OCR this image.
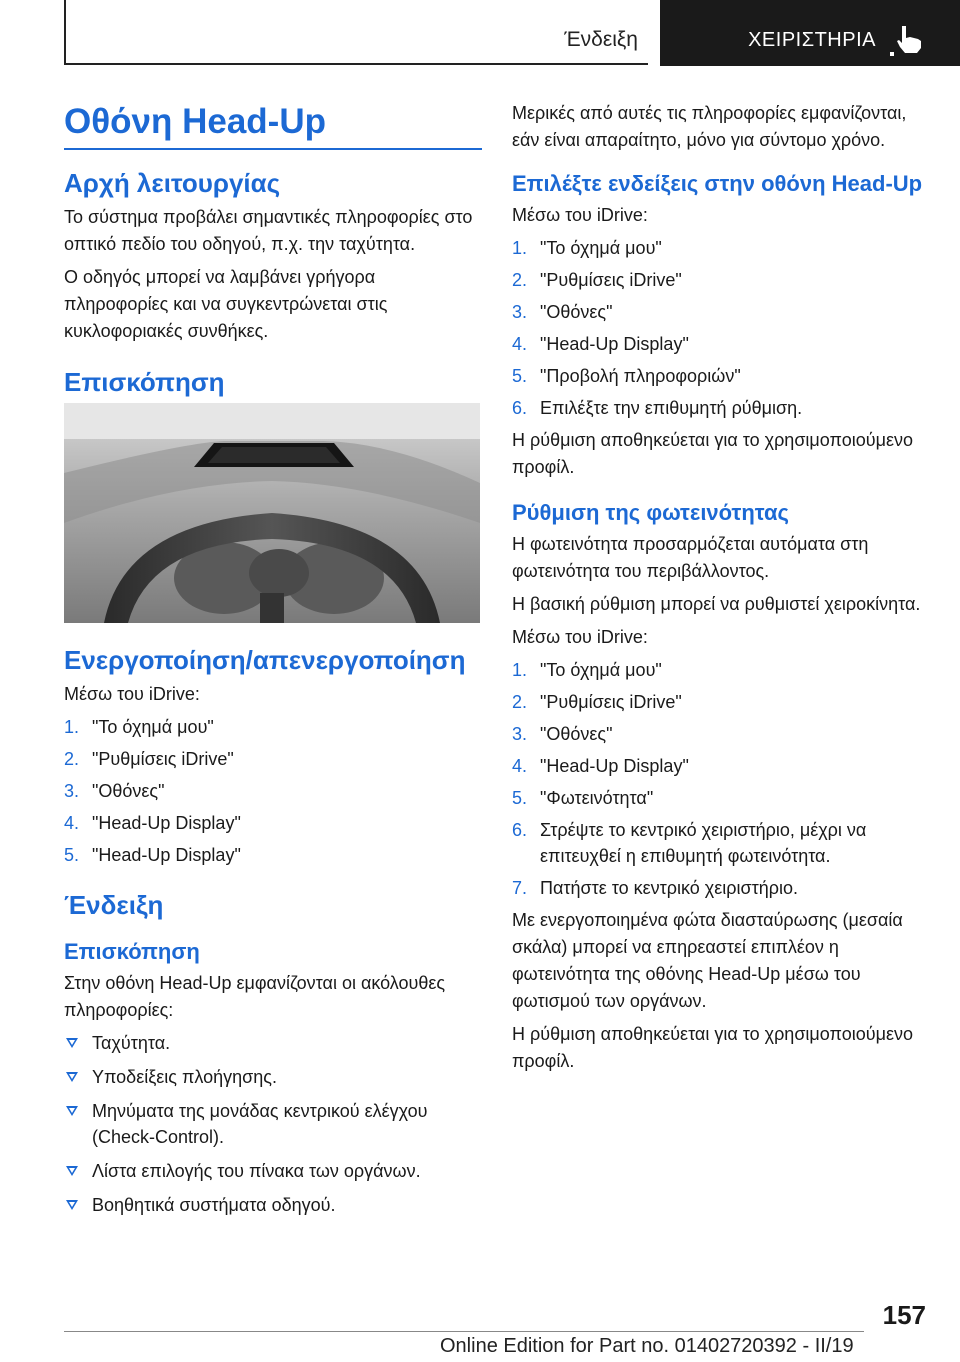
Ένδειξη	ΧΕΙΡΙΣΤΗΡΙΑ
Οθόνη Head-Up
Αρχή λειτουργίας

Το σύστημα προβάλει σημαντικές πληροφορίες στο οπτικό πεδίο του οδηγού, π.χ. την ταχύτητα.

Ο οδηγός μπορεί να λαμβάνει γρήγορα πληροφορίες και να συγκεντρώνεται στις κυκλοφοριακές συνθήκες.

Επισκόπηση
Ενεργοποίηση/απενεργοποίηση

Μέσω του iDrive:

1. "Το όχημά μου"
2. "Ρυθμίσεις iDrive"
3. "Οθόνες"
4. "Head-Up Display"
5. "Head-Up Display"
Ένδειξη
Επισκόπηση

Στην οθόνη Head-Up εμφανίζονται οι ακόλουθες πληροφορίες:

Ταχύτητα.
Υποδείξεις πλοήγησης.
Μηνύματα της μονάδας κεντρικού ελέγχου (Check-Control).
Λίστα επιλογής του πίνακα των οργάνων.
Βοηθητικά συστήματα οδηγού.

Μερικές από αυτές τις πληροφορίες εμφανίζονται, εάν είναι απαραίτητο, μόνο για σύντομο χρόνο.

Επιλέξτε ενδείξεις στην οθόνη Head-Up

Μέσω του iDrive:

1. "Το όχημά μου"
2. "Ρυθμίσεις iDrive"
3. "Οθόνες"
4. "Head-Up Display"
5. "Προβολή πληροφοριών"
6. Επιλέξτε την επιθυμητή ρύθμιση.

Η ρύθμιση αποθηκεύεται για το χρησιμοποιούμενο προφίλ.

Ρύθμιση της φωτεινότητας

Η φωτεινότητα προσαρμόζεται αυτόματα στη φωτεινότητα του περιβάλλοντος.

Η βασική ρύθμιση μπορεί να ρυθμιστεί χειροκίνητα.

Μέσω του iDrive:

1. "Το όχημά μου"
2. "Ρυθμίσεις iDrive"
3. "Οθόνες"
4. "Head-Up Display"
5. "Φωτεινότητα"
6. Στρέψτε το κεντρικό χειριστήριο, μέχρι να επιτευχθεί η επιθυμητή φωτεινότητα.
7. Πατήστε το κεντρικό χειριστήριο.

Με ενεργοποιημένα φώτα διασταύρωσης (μεσαία σκάλα) μπορεί να επηρεαστεί επιπλέον η φωτεινότητα της οθόνης Head-Up μέσω του φωτισμού των οργάνων.

Η ρύθμιση αποθηκεύεται για το χρησιμοποιούμενο προφίλ.

157
Online Edition for Part no. 01402720392 - II/19
Downloaded from www.Manualslib.com manuals search engine
